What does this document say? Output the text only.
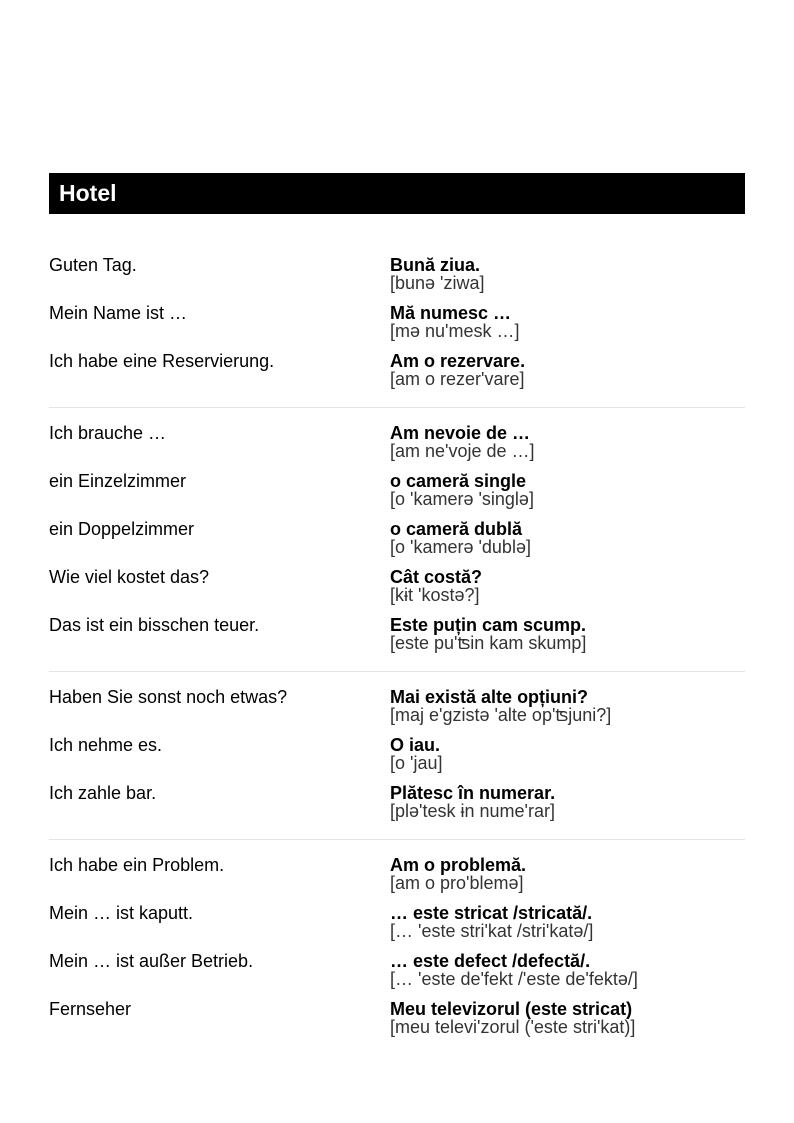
Hotel
Guten Tag.	Bună ziua.
[bunə 'ziwa]
Mein Name ist …	Mă numesc …
[mə nu'mesk …]
Ich habe eine Reservierung.	Am o rezervare.
[am o rezer'vare]
Ich brauche …	Am nevoie de …
[am ne'voje de …]
ein Einzelzimmer	o cameră single
[o 'kamerə 'singlə]
ein Doppelzimmer	o cameră dublă
[o 'kamerə 'dublə]
Wie viel kostet das?	Cât costă?
[kɨt 'kostə?]
Das ist ein bisschen teuer.	Este puțin cam scump.
[este pu'ʦin kam skump]
Haben Sie sonst noch etwas?	Mai există alte opțiuni?
[maj e'gzistə 'alte op'ʦjuni?]
Ich nehme es.	O iau.
[o 'jau]
Ich zahle bar.	Plătesc în numerar.
[plə'tesk ɨn nume'rar]
Ich habe ein Problem.	Am o problemă.
[am o pro'blemə]
Mein … ist kaputt.	… este stricat /stricată/.
[… 'este stri'kat /stri'katə/]
Mein … ist außer Betrieb.	… este defect /defectă/.
[… 'este de'fekt /'este de'fektə/]
Fernseher	Meu televizorul (este stricat)
[meu televi'zorul ('este stri'kat)]
